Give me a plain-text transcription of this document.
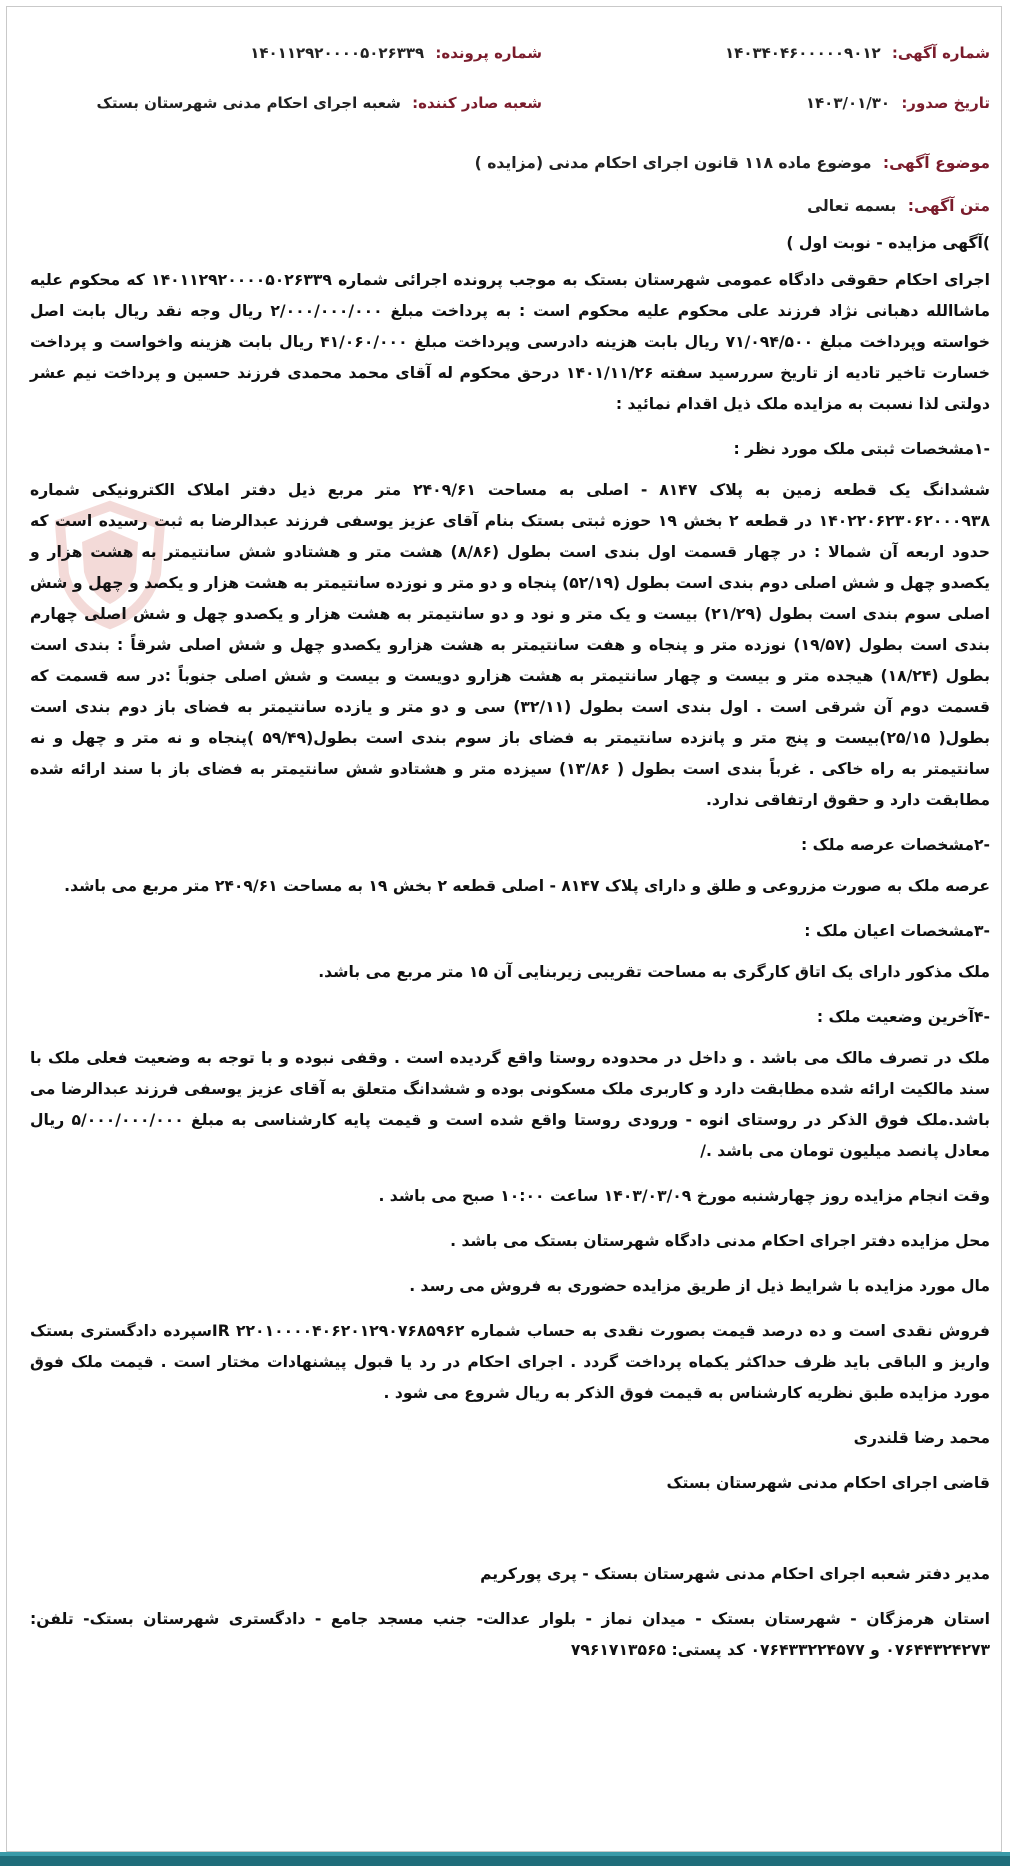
شماره آگهی: ۱۴۰۳۴۰۴۶۰۰۰۰۰۹۰۱۲
شماره پرونده: ۱۴۰۱۱۲۹۲۰۰۰۰۵۰۲۶۳۳۹
تاریخ صدور: ۱۴۰۳/۰۱/۳۰
شعبه صادر کننده: شعبه اجرای احکام مدنی شهرستان بستک
موضوع آگهی: موضوع ماده ۱۱۸ قانون اجرای احکام مدنی (مزایده )
متن آگهی: بسمه تعالی

)آگهی مزایده - نوبت اول )

اجرای احکام حقوقی دادگاه عمومی شهرستان بستک به موجب پرونده اجرائی شماره ۱۴۰۱۱۲۹۲۰۰۰۰۵۰۲۶۳۳۹ که محکوم علیه ماشاالله دهبانی نژاد فرزند علی محکوم علیه محکوم است : به پرداخت مبلغ ۲/۰۰۰/۰۰۰/۰۰۰ ریال وجه نقد ریال بابت اصل خواسته وپرداخت مبلغ ۷۱/۰۹۴/۵۰۰ ریال بابت هزینه دادرسی وپرداخت مبلغ ۴۱/۰۶۰/۰۰۰ ریال بابت هزینه واخواست و پرداخت خسارت تاخیر تادیه از تاریخ سررسید سفته ۱۴۰۱/۱۱/۲۶ درحق محکوم له آقای محمد محمدی فرزند حسین و پرداخت نیم عشر دولتی لذا نسبت به مزایده ملک ذیل اقدام نمائید :

-۱مشخصات ثبتی ملک مورد نظر :

ششدانگ یک قطعه زمین به پلاک ۸۱۴۷ - اصلی به مساحت ۲۴۰۹/۶۱ متر مربع ذیل دفتر املاک الکترونیکی شماره ۱۴۰۲۲۰۶۲۳۰۶۲۰۰۰۹۳۸ در قطعه ۲ بخش ۱۹ حوزه ثبتی بستک بنام آقای عزیز یوسفی فرزند عبدالرضا به ثبت رسیده است که حدود اربعه آن شمالا : در چهار قسمت اول بندی است بطول (۸/۸۶) هشت متر و هشتادو شش سانتیمتر به هشت هزار و یکصدو چهل و شش اصلی دوم بندی است بطول (۵۲/۱۹) پنجاه و دو متر و نوزده سانتیمتر به هشت هزار و یکصد و چهل و شش اصلی سوم بندی است بطول (۲۱/۲۹) بیست و یک متر و نود و دو سانتیمتر به هشت هزار و یکصدو چهل و شش اصلی چهارم بندی است بطول (۱۹/۵۷) نوزده متر و پنجاه و هفت سانتیمتر به هشت هزارو یکصدو چهل و شش اصلی شرقاً : بندی است بطول (۱۸/۲۴) هیجده متر و بیست و چهار سانتیمتر به هشت هزارو دویست و بیست و شش اصلی جنوباً :در سه قسمت که قسمت دوم آن شرقی است . اول بندی است بطول (۳۲/۱۱) سی و دو متر و یازده سانتیمتر به فضای باز دوم بندی است بطول( ۲۵/۱۵)بیست و پنج متر و پانزده سانتیمتر به فضای باز سوم بندی است بطول(۵۹/۴۹ )پنجاه و نه متر و چهل و نه سانتیمتر به راه خاکی . غرباً بندی است بطول ( ۱۳/۸۶) سیزده متر و هشتادو شش سانتیمتر به فضای باز با سند ارائه شده مطابقت دارد و حقوق ارتفاقی ندارد.

-۲مشخصات عرصه ملک :

عرصه ملک به صورت مزروعی و طلق و دارای پلاک ۸۱۴۷ - اصلی قطعه ۲ بخش ۱۹ به مساحت ۲۴۰۹/۶۱ متر مربع می باشد.

-۳مشخصات اعیان ملک :

ملک مذکور دارای یک اتاق کارگری به مساحت تقریبی زیربنایی آن ۱۵ متر مربع می باشد.

-۴آخرین وضعیت ملک :

ملک در تصرف مالک می باشد . و داخل در محدوده روستا واقع گردیده است . وقفی نبوده و با توجه به وضعیت فعلی ملک با سند مالکیت ارائه شده مطابقت دارد و کاربری ملک مسکونی بوده و ششدانگ متعلق به آقای عزیز یوسفی فرزند عبدالرضا می باشد.ملک فوق الذکر در روستای انوه - ورودی روستا واقع شده است و قیمت پایه کارشناسی به مبلغ ۵/۰۰۰/۰۰۰/۰۰۰ ریال معادل پانصد میلیون تومان می باشد ./

وقت انجام مزایده روز چهارشنبه مورخ ۱۴۰۳/۰۳/۰۹ ساعت ۱۰:۰۰ صبح می باشد .

محل مزایده دفتر اجرای احکام مدنی دادگاه شهرستان بستک می باشد .

مال مورد مزایده با شرایط ذیل از طریق مزایده حضوری به فروش می رسد .

فروش نقدی است و ده درصد قیمت بصورت نقدی به حساب شماره IR ۲۲۰۱۰۰۰۰۴۰۶۲۰۱۲۹۰۷۶۸۵۹۶۲سپرده دادگستری بستک واریز و الباقی باید ظرف حداکثر یکماه پرداخت گردد . اجرای احکام در رد یا قبول پیشنهادات مختار است . قیمت ملک فوق مورد مزایده طبق نظریه کارشناس به قیمت فوق الذکر به ریال شروع می شود .

محمد رضا قلندری

قاضی اجرای احکام مدنی شهرستان بستک

مدیر دفتر شعبه اجرای احکام مدنی شهرستان بستک - پری پورکریم

استان هرمزگان - شهرستان بستک - میدان نماز - بلوار عدالت- جنب مسجد جامع - دادگستری شهرستان بستک- تلفن: ۰۷۶۴۴۳۲۴۲۷۳ و ۰۷۶۴۳۳۲۲۴۵۷۷ کد پستی: ۷۹۶۱۷۱۳۵۶۵
